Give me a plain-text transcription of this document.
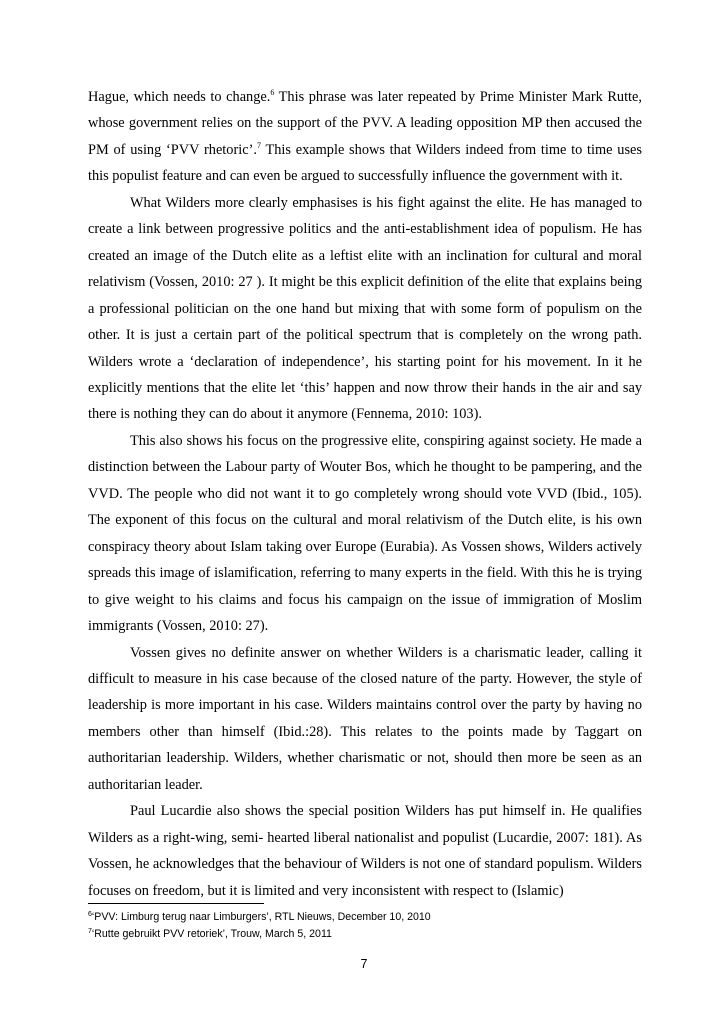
Hague, which needs to change.$^6$ This phrase was later repeated by Prime Minister Mark Rutte, whose government relies on the support of the PVV. A leading opposition MP then accused the PM of using ‘PVV rhetoric’.$^7$ This example shows that Wilders indeed from time to time uses this populist feature and can even be argued to successfully influence the government with it.

What Wilders more clearly emphasises is his fight against the elite. He has managed to create a link between progressive politics and the anti-establishment idea of populism. He has created an image of the Dutch elite as a leftist elite with an inclination for cultural and moral relativism (Vossen, 2010: 27 ). It might be this explicit definition of the elite that explains being a professional politician on the one hand but mixing that with some form of populism on the other. It is just a certain part of the political spectrum that is completely on the wrong path. Wilders wrote a ‘declaration of independence’, his starting point for his movement. In it he explicitly mentions that the elite let ‘this’ happen and now throw their hands in the air and say there is nothing they can do about it anymore (Fennema, 2010: 103).

This also shows his focus on the progressive elite, conspiring against society. He made a distinction between the Labour party of Wouter Bos, which he thought to be pampering, and the VVD. The people who did not want it to go completely wrong should vote VVD (Ibid., 105). The exponent of this focus on the cultural and moral relativism of the Dutch elite, is his own conspiracy theory about Islam taking over Europe (Eurabia). As Vossen shows, Wilders actively spreads this image of islamification, referring to many experts in the field. With this he is trying to give weight to his claims and focus his campaign on the issue of immigration of Moslim immigrants (Vossen, 2010: 27).

Vossen gives no definite answer on whether Wilders is a charismatic leader, calling it difficult to measure in his case because of the closed nature of the party. However, the style of leadership is more important in his case. Wilders maintains control over the party by having no members other than himself (Ibid.:28). This relates to the points made by Taggart on authoritarian leadership. Wilders, whether charismatic or not, should then more be seen as an authoritarian leader.

Paul Lucardie also shows the special position Wilders has put himself in. He qualifies Wilders as a right-wing, semi- hearted liberal nationalist and populist (Lucardie, 2007: 181). As Vossen, he acknowledges that the behaviour of Wilders is not one of standard populism. Wilders focuses on freedom, but it is limited and very inconsistent with respect to (Islamic)

$^6$‘PVV: Limburg terug naar Limburgers’, RTL Nieuws, December 10, 2010
$^7$‘Rutte gebruikt PVV retoriek’, Trouw, March 5, 2011
7
